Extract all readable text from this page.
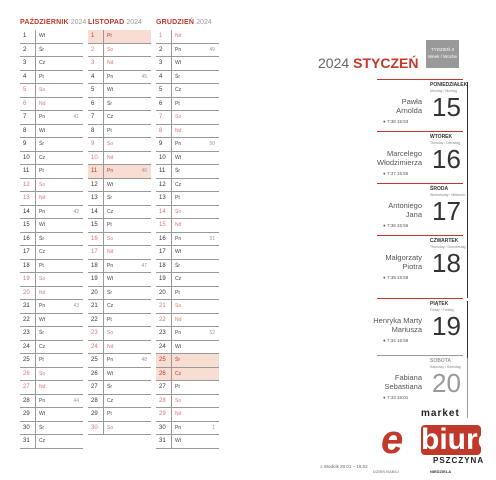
PAŹDZIERNIK 2024
1	Wt
2	Śr
3	Cz
4	Pt
5	So
6	Nd
7	Pn	41
8	Wt
9	Śr
10	Cz
11	Pt
12	So
13	Nd
14	Pn	42
15	Wt
16	Śr
17	Cz
18	Pt
19	So
20	Nd
21	Pn	43
22	Wt
23	Śr
24	Cz
25	Pt
26	So
27	Nd
28	Pn	44
29	Wt
30	Śr
31	Cz
LISTOPAD 2024
1	Pt
2	So
3	Nd
4	Pn	45
5	Wt
6	Śr
7	Cz
8	Pt
9	So
10	Nd
11	Pn	46
12	Wt
13	Śr
14	Cz
15	Pt
16	So
17	Nd
18	Pn	47
19	Wt
20	Śr
21	Cz
22	Pt
23	So
24	Nd
25	Pn	48
26	Wt
27	Śr
28	Cz
29	Pt
30	So
GRUDZIEŃ 2024
1	Nd
2	Pn	49
3	Wt
4	Śr
5	Cz
6	Pt
7	So
8	Nd
9	Pn	50
10	Wt
11	Śr
12	Cz
13	Pt
14	So
15	Nd
16	Pn	51
17	Wt
18	Śr
19	Cz
20	Pt
21	So
22	Nd
23	Pn	52
24	Wt
25	Śr
26	Cz
27	Pt
28	So
29	Nd
30	Pn	1
31	Wt
2024 STYCZEŃ
TYDZIEŃ 3
Week / Woche
PONIEDZIAŁEK
Monday / Montag
15
Pawła
Arnolda
● 7:38 15:53
WTOREK
Tuesday / Dienstag
16
Marcelego
Włodzimierza
● 7:37 15:55
ŚRODA
Wednesday / Mittwoch
17
Antoniego
Jana
● 7:36 15:56
CZWARTEK
Thursday / Donnerstag
18
Małgorzaty
Piotra
● 7:35 15:58
PIĄTEK
Friday / Freitag
19
Henryka Marty
Mariusza
● 7:34 15:59
SOBOTA
Saturday / Samstag
20
Fabiana
Sebastiana
● 7:33 16:01
DZIEŃ BABCI	NIEDZIELA
≡ Wodnik 20.01 – 18.02
market
e biuro
PSZCZYNA
